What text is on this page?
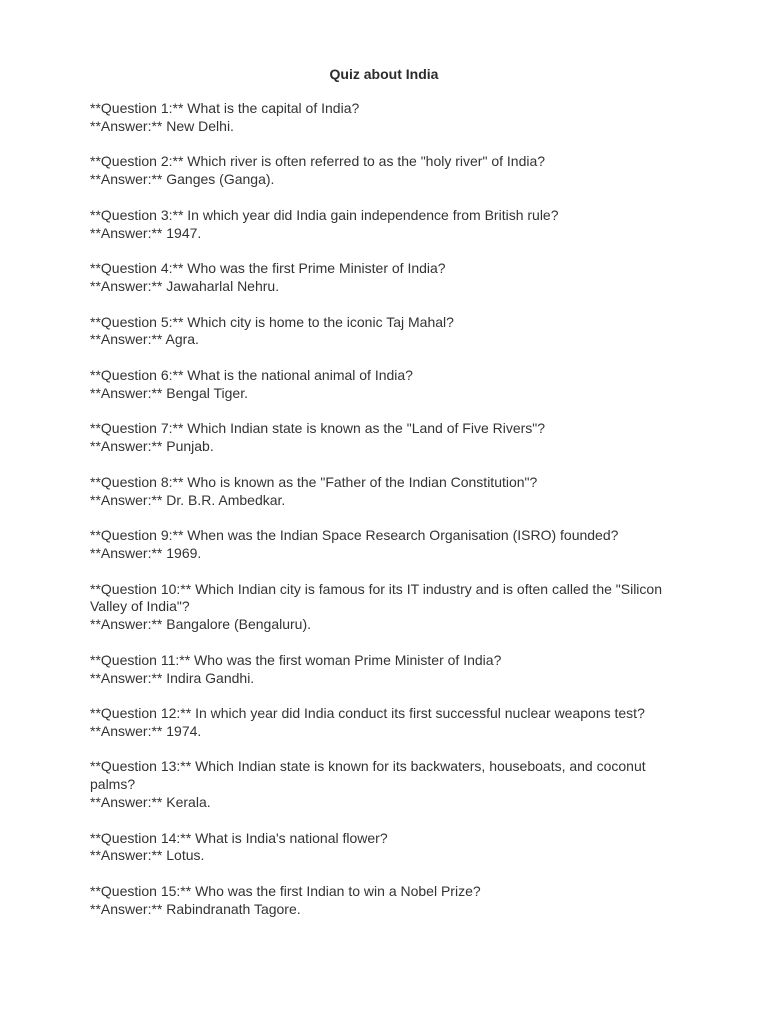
Quiz about India
**Question 1:** What is the capital of India?
**Answer:** New Delhi.
**Question 2:** Which river is often referred to as the "holy river" of India?
**Answer:** Ganges (Ganga).
**Question 3:** In which year did India gain independence from British rule?
**Answer:** 1947.
**Question 4:** Who was the first Prime Minister of India?
**Answer:** Jawaharlal Nehru.
**Question 5:** Which city is home to the iconic Taj Mahal?
**Answer:** Agra.
**Question 6:** What is the national animal of India?
**Answer:** Bengal Tiger.
**Question 7:** Which Indian state is known as the "Land of Five Rivers"?
**Answer:** Punjab.
**Question 8:** Who is known as the "Father of the Indian Constitution"?
**Answer:** Dr. B.R. Ambedkar.
**Question 9:** When was the Indian Space Research Organisation (ISRO) founded?
**Answer:** 1969.
**Question 10:** Which Indian city is famous for its IT industry and is often called the "Silicon Valley of India"?
**Answer:** Bangalore (Bengaluru).
**Question 11:** Who was the first woman Prime Minister of India?
**Answer:** Indira Gandhi.
**Question 12:** In which year did India conduct its first successful nuclear weapons test?
**Answer:** 1974.
**Question 13:** Which Indian state is known for its backwaters, houseboats, and coconut palms?
**Answer:** Kerala.
**Question 14:** What is India's national flower?
**Answer:** Lotus.
**Question 15:** Who was the first Indian to win a Nobel Prize?
**Answer:** Rabindranath Tagore.
